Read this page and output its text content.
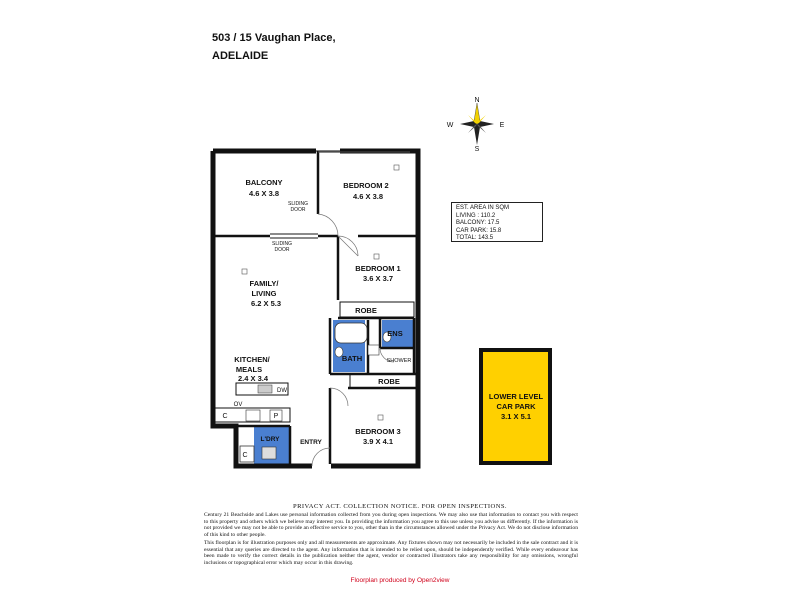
503 / 15 Vaughan Place,
ADELAIDE
N
S
E
W
BALCONY
4.6 X 3.8
BEDROOM 2
4.6 X 3.8
SLIDING
DOOR
SLIDING
DOOR
FAMILY/
LIVING
6.2 X 5.3
BEDROOM 1
3.6 X 3.7
ROBE
ENS
BATH	SHOWER
KITCHEN/
MEALS
2.4 X 3.4
DW
OV
C	P
ROBE
BEDROOM 3
3.9 X 4.1
L'DRY	ENTRY
C
LOWER LEVEL
CAR PARK
3.1 X 5.1
EST. AREA IN SQM
LIVING : 110.2
BALCONY: 17.5
CAR PARK: 15.8
TOTAL: 143.5
PRIVACY ACT. COLLECTION NOTICE. FOR OPEN INSPECTIONS.
Century 21 Beachside and Lakes use personal information collected from you during open inspections. We may also use that information to contact you with respect to this property and others which we believe may interest you. In providing the information you agree to this use unless you advise us differently. If the information is not provided we may not be able to provide an effective service to you, other than in the circumstances allowed under the Privacy Act. We do not disclose information of this kind to other people.
This floorplan is for illustration purposes only and all measurements are approximate. Any fixtures shown may not necessarily be included in the sale contract and it is essential that any queries are directed to the agent. Any information that is intended to be relied upon, should be independently verified. While every endeavour has been made to verify the correct details in the publication neither the agent, vendor or contracted illustrators take any responsibility for any omissions, wrongful inclusions or topographical error which may occur in this drawing.
Floorplan produced by Open2view
